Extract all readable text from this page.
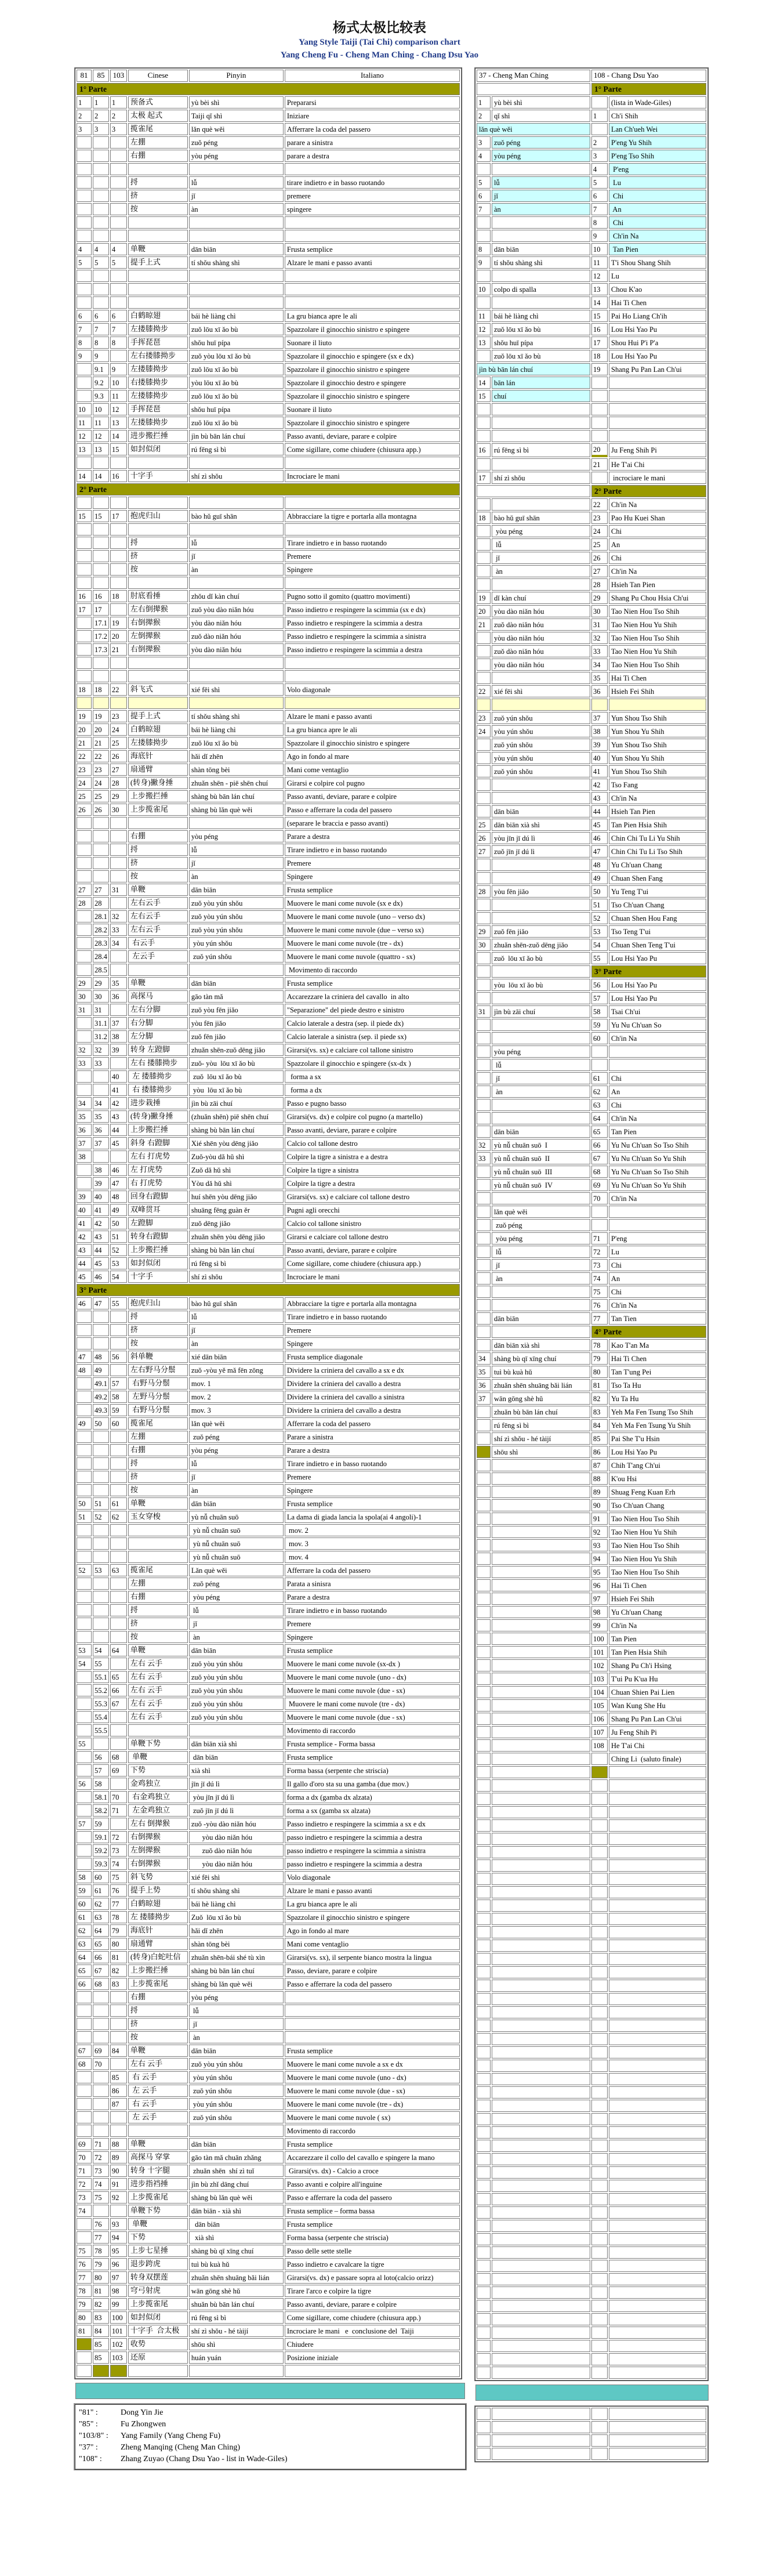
杨式太极比较表
Yang Style Taiji (Tai Chi) comparison chart
Yang Cheng Fu - Cheng Man Ching - Chang Dsu Yao
81	85	103	Cinese	Pinyin	Italiano
1° Parte					
1	1	1	预备式	yù bèi shì	Prepararsi
2	2	2	太极 起式	Taiji qǐ shì	Iniziare
3	3	3	揽雀尾	lǎn què wěi	Afferrare la coda del passero
			左掤	zuǒ péng	parare a sinistra
			右掤	yòu péng	parare a destra

			捋	lǚ	tirare indietro e in basso ruotando
			挤	jǐ	premere
			按	àn	spingere

4	4	4	单鞭	dān biān	Frusta semplice
5	5	5	提手上式	tí shǒu shàng shì	Alzare le mani e passo avanti

6	6	6	白鹤晾翅	bái hè liàng chì	La gru bianca apre le ali
7	7	7	左搂膝拗步	zuǒ lōu xī ǎo bù	Spazzolare il ginocchio sinistro e spingere
8	8	8	手挥琵琶	shǒu huī pípa	Suonare il liuto
9	9		左右搂膝拗步	zuǒ yòu lōu xī ǎo bù	Spazzolare il ginocchio e spingere (sx e dx)
	9.1	9	左搂膝拗步	zuǒ lōu xī ǎo bù	Spazzolare il ginocchio sinistro e spingere
	9.2	10	右搂膝拗步	yòu lōu xī ǎo bù	Spazzolare il ginocchio destro e spingere
	9.3	11	左搂膝拗步	zuǒ lōu xī ǎo bù	Spazzolare il ginocchio sinistro e spingere
10	10	12	手挥琵琶	shǒu huī pípa	Suonare il liuto
11	11	13	左搂膝拗步	zuǒ lōu xī ǎo bù	Spazzolare il ginocchio sinistro e spingere
12	12	14	进步搬拦捶	jìn bù bān lán chuí	Passo avanti, deviare, parare e colpire
13	13	15	如封似闭	rú fēng sì bì	Come sigillare, come chiudere (chiusura app.)

14	14	16	十字手	shí zì shǒu	Incrociare le mani
2° Parte					

15	15	17	抱虎归山	bào hǔ guī shān	Abbracciare la tigre e portarla alla montagna

			捋	lǚ	Tirare indietro e in basso ruotando
			挤	jǐ	Premere
			按	àn	Spingere

16	16	18	肘底看捶	zhǒu dǐ kàn chuí	Pugno sotto il gomito (quattro movimenti)
17	17		左右倒撵猴	zuǒ yòu dào niǎn hóu	Passo indietro e respingere la scimmia (sx e dx)
	17.1	19	右倒撵猴	yòu dào niǎn hóu	Passo indietro e respingere la scimmia a destra
	17.2	20	左倒撵猴	zuǒ dào niǎn hóu	Passo indietro e respingere la scimmia a sinistra
	17.3	21	右倒撵猴	yòu dào niǎn hóu	Passo indietro e respingere la scimmia a destra

18	18	22	斜飞式	xié fēi shì	Volo diagonale

19	19	23	提手上式	tí shǒu shàng shì	Alzare le mani e passo avanti
20	20	24	白鹤晾翅	bái hè liàng chì	La gru bianca apre le ali
21	21	25	左搂膝拗步	zuǒ lōu xī ǎo bù	Spazzolare il ginocchio sinistro e spingere
22	22	26	海底针	hǎi dǐ zhēn	Ago in fondo al mare
23	23	27	扇通臂	shàn tōng bèi	Mani come ventaglio
24	24	28	(转身)撇身捶	zhuǎn shēn - piē shēn chuí	Girarsi e colpire col pugno
25	25	29	上步搬拦捶	shàng bù bān lán chuí	Passo avanti, deviare, parare e colpire
26	26	30	上步揽雀尾	shàng bù lǎn què wěi	Passo e afferrare la coda del passero
					(separare le braccia e passo avanti)
			右掤	yòu péng	Parare a destra
			捋	lǚ	Tirare indietro e in basso ruotando
			挤	jǐ	Premere
			按	àn	Spingere
27	27	31	单鞭	dān biān	Frusta semplice
28	28		左右云手	zuǒ yòu yún shǒu	Muovere le mani come nuvole (sx e dx)
	28.1	32	左右云手	zuǒ yòu yún shǒu	Muovere le mani come nuvole (uno – verso dx)
	28.2	33	左右云手	zuǒ yòu yún shǒu	Muovere le mani come nuvole (due – verso sx)
	28.3	34	右云手	yòu yún shǒu	Muovere le mani come nuvole (tre - dx)
	28.4		左云手	zuǒ yún shǒu	Muovere le mani come nuvole (quattro - sx)
	28.5				Movimento di raccordo
29	29	35	单鞭	dān biān	Frusta semplice
30	30	36	高探马	gāo tàn mǎ	Accarezzare la criniera del cavallo  in alto
31	31		左右分脚	zuǒ yòu fēn jiǎo	"Separazione" del piede destro e sinistro
	31.1	37	右分脚	yòu fēn jiǎo	Calcio laterale a destra (sep. il piede dx)
	31.2	38	左分脚	zuǒ fēn jiǎo	Calcio laterale a sinistra (sep. il piede sx)
32	32	39	转身 左蹬脚	zhuǎn shēn-zuǒ dēng jiǎo	Girarsi(vs. sx) e calciare col tallone sinistro
33	33		左右 搂膝拗步	zuǒ- yòu  lōu xī ǎo bù	Spazzolare il ginocchio e spingere (sx-dx )
		40	左 搂膝拗步	zuǒ  lōu xī ǎo bù	forma a sx
		41	右 搂膝拗步	yòu  lōu xī ǎo bù	forma a dx
34	34	42	进步栽捶	jìn bù zāi chuí	Passo e pugno basso
35	35	43	(转身)撇身捶	(zhuǎn shēn) piē shēn chuí	Girarsi(vs. dx) e colpire col pugno (a martello)
36	36	44	上步搬拦捶	shàng bù bān lán chuí	Passo avanti, deviare, parare e colpire
37	37	45	斜身 右蹬脚	Xié shēn yòu dēng jiǎo	Calcio col tallone destro
38			左右 打虎势	Zuǒ-yòu dǎ hǔ shì	Colpire la tigre a sinistra e a destra
	38	46	左 打虎势	Zuǒ dǎ hǔ shì	Colpire la tigre a sinistra
	39	47	右 打虎势	Yòu dǎ hǔ shì	Colpire la tigre a destra
39	40	48	回身右蹬脚	huí shēn yòu dēng jiǎo	Girarsi(vs. sx) e calciare col tallone destro
40	41	49	双峰贯耳	shuāng fēng guàn ěr	Pugni agli orecchi
41	42	50	左蹬脚	zuǒ dēng jiǎo	Calcio col tallone sinistro
42	43	51	转身右蹬脚	zhuǎn shēn yòu dēng jiǎo	Girarsi e calciare col tallone destro
43	44	52	上步搬拦捶	shàng bù bān lán chuí	Passo avanti, deviare, parare e colpire
44	45	53	如封似闭	rú fēng sì bì	Come sigillare, come chiudere (chiusura app.)
45	46	54	十字手	shí zì shǒu	Incrociare le mani
3° Parte					
46	47	55	抱虎归山	bào hǔ guī shān	Abbracciare la tigre e portarla alla montagna
			捋	lǚ	Tirare indietro e in basso ruotando
			挤	jǐ	Premere
			按	àn	Spingere
47	48	56	斜单鞭	xié dān biān	Frusta semplice diagonale
48	49		左右野马分鬃	zuǒ -yòu yě mǎ fēn zōng	Dividere la criniera del cavallo a sx e dx
	49.1	57	右野马分鬃	mov. 1	Dividere la criniera del cavallo a destra
	49.2	58	左野马分鬃	mov. 2	Dividere la criniera del cavallo a sinistra
	49.3	59	右野马分鬃	mov. 3	Dividere la criniera del cavallo a destra
49	50	60	揽雀尾	lǎn què wěi	Afferrare la coda del passero
			左掤	zuǒ péng	Parare a sinistra
			右掤	yòu péng	Parare a destra
			捋	lǚ	Tirare indietro e in basso ruotando
			挤	jǐ	Premere
			按	àn	Spingere
50	51	61	单鞭	dān biān	Frusta semplice
51	52	62	玉女穿梭	yù nǚ chuān suō	La dama di giada lancia la spola(ai 4 angoli)-1
				yù nǚ chuān suō	mov. 2
				yù nǚ chuān suō	mov. 3
				yù nǚ chuān suō	mov. 4
52	53	63	揽雀尾	Lǎn què wěi	Afferrare la coda del passero
			左掤	zuǒ péng	Parata a sinisra
			右掤	yòu péng	Parare a destra
			捋	lǚ	Tirare indietro e in basso ruotando
			挤	jǐ	Premere
			按	àn	Spingere
53	54	64	单鞭	dān biān	Frusta semplice
54	55		左右 云手	zuǒ yòu yún shǒu	Muovere le mani come nuvole (sx-dx )
	55.1	65	左右 云手	zuǒ yòu yún shǒu	Muovere le mani come nuvole (uno - dx)
	55.2	66	左右 云手	zuǒ yòu yún shǒu	Muovere le mani come nuvole (due - sx)
	55.3	67	左右 云手	zuǒ yòu yún shǒu	Muovere le mani come nuvole (tre - dx)
	55.4		左右 云手	zuǒ yòu yún shǒu	Muovere le mani come nuvole (due - sx)
	55.5				Movimento di raccordo
55			单鞭下势	dān biān xià shì	Frusta semplice - Forma bassa
	56	68	单鞭	dān biān	Frusta semplice
	57	69	下势	xià shì	Forma bassa (serpente che striscia)
56	58		金鸡独立	jīn jī dú lì	Il gallo d'oro sta su una gamba (due mov.)
	58.1	70	右金鸡独立	yòu jīn jī dú lì	forma a dx (gamba dx alzata)
	58.2	71	左金鸡独立	zuǒ jīn jī dú lì	forma a sx (gamba sx alzata)
57	59		左右 倒撵猴	zuǒ -yòu dào niǎn hóu	Passo indietro e respingere la scimmia a sx e dx
	59.1	72	右倒撵猴	yòu dào niǎn hóu	passo indietro e respingere la scimmia a destra
	59.2	73	左倒撵猴	zuǒ dào niǎn hóu	passo indietro e respingere la scimmia a sinistra
	59.3	74	右倒撵猴	yòu dào niǎn hóu	passo indietro e respingere la scimmia a destra
58	60	75	斜飞势	xié fēi shì	Volo diagonale
59	61	76	提手上势	tí shǒu shàng shì	Alzare le mani e passo avanti
60	62	77	白鹤晾翅	bái hè liàng chì	La gru bianca apre le ali
61	63	78	左 搂膝拗步	Zuǒ  lōu xī ǎo bù	Spazzolare il ginocchio sinistro e spingere
62	64	79	海底针	hǎi dǐ zhēn	Ago in fondo al mare
63	65	80	扇通臂	shàn tōng bèi	Mani come ventaglio
64	66	81	(转身)白蛇吐信	zhuǎn shēn-bái shé tù xìn	Girarsi(vs. sx), il serpente bianco mostra la lingua
65	67	82	上步搬拦捶	shàng bù bān lán chuí	Passo, deviare, parare e colpire
66	68	83	上步揽雀尾	shàng bù lǎn què wěi	Passo e afferrare la coda del passero
			右掤	yòu péng	
			捋	lǚ	
			挤	jǐ	
			按	àn	
67	69	84	单鞭	dān biān	Frusta semplice
68	70		左右 云手	zuǒ yòu yún shǒu	Muovere le mani come nuvole a sx e dx
		85	右 云手	yòu yún shǒu	Muovere le mani come nuvole (uno - dx)
		86	左 云手	zuǒ yún shǒu	Muovere le mani come nuvole (due - sx)
		87	右 云手	yòu yún shǒu	Muovere le mani come nuvole (tre - dx)
			左 云手	zuǒ yún shǒu	Muovere le mani come nuvole ( sx)
					Movimento di raccordo
69	71	88	单鞭	dān biān	Frusta semplice
70	72	89	高探马 穿掌	gāo tàn mǎ chuān zhǎng	Accarezzare il collo del cavallo e spingere la mano
71	73	90	转身 十字腿	zhuǎn shēn  shí zì tuǐ	Girarsi(vs. dx) - Calcio a croce
72	74	91	进步指裆捶	jìn bù zhǐ dāng chuí	Passo avanti e colpire all'inguine
73	75	92	上步揽雀尾	shàng bù lǎn què wěi	Passo e afferrare la coda del passero
74			单鞭下势	dān biān - xià shì	Frusta semplice – forma bassa
	76	93	单鞭	dān biān	Frusta semplice
	77	94	下势	xià shì	Forma bassa (serpente che striscia)
75	78	95	上步七星捶	shàng bù qī xīng chuí	Passo delle sette stelle
76	79	96	退步跨虎	tuì bù kuà hǔ	Passo indietro e cavalcare la tigre
77	80	97	转身双摆莲	zhuǎn shēn shuāng bǎi lián	Girarsi(vs. dx) e passare sopra al loto(calcio orizz)
78	81	98	穹弓射虎	wān gōng shè hǔ	Tirare l'arco e colpire la tigre
79	82	99	上步揽雀尾	shuǎn bù bān lán chuí	Passo avanti, deviare, parare e colpire
80	83	100	如封似闭	rú fēng sì bì	Come sigillare, come chiudere (chiusura app.)
81	84	101	十字手  合太极	shí zì shǒu - hé tàijí	Incrociare le mani   e  conclusione del  Taiji
	85	102	收势	shōu shì	Chiudere
	85	103	还原	huán yuán	Posizione iniziale

"81" :	Dong Yin Jie
"85" :	Fu Zhongwen
"103/8" : Yang Family (Yang Cheng Fu)
"37" :	Zheng Manqing (Cheng Man Ching)
"108" : Zhang Zuyao (Chang Dsu Yao - list in Wade-Giles)
37 - Cheng Man Ching		108 - Chang Dsu Yao	
		1° Parte	
1	yù bèi shì		(lista in Wade-Giles)
2	qǐ shì	1	Ch'i Shih
lǎn què wěi			Lan Ch'ueh Wei
3	zuǒ péng	2	P'eng Yu Shih
4	yòu péng	3	P'eng Tso Shih
		4	P'eng
5	lǚ	5	Lu
6	jǐ	6	Chi
7	àn	7	An
		8	Chi
		9	Ch'in Na
8	dān biān	10	Tan Pien
9	tí shǒu shàng shì	11	T'i Shou Shang Shih
		12	Lu
10	colpo di spalla	13	Chou K'ao
		14	Hai Ti Chen
11	bái hè liàng chì	15	Pai Ho Liang Ch'ih
12	zuǒ lōu xī ǎo bù	16	Lou Hsi Yao Pu
13	shǒu huī pípa	17	Shou Hui P'i P'a
	zuǒ lōu xī ǎo bù	18	Lou Hsi Yao Pu
jìn bù bān lán chuí		19	Shang Pu Pan Lan Ch'ui
14	bān lán		
15	chuí		

16	rú fēng sì bì	20	Ju Feng Shih Pi
		21	He T'ai Chi
17	shí zì shǒu		incrociare le mani
		2° Parte	
		22	Ch'in Na
18	bào hǔ guī shān	23	Pao Hu Kuei Shan
	yòu péng	24	Chi
	lǚ	25	An
	jǐ	26	Chi
	àn	27	Ch'in Na
		28	Hsieh Tan Pien
19	dǐ kàn chuí	29	Shang Pu Chou Hsia Ch'ui
20	yòu dào niǎn hóu	30	Tao Nien Hou Tso Shih
21	zuǒ dào niǎn hóu	31	Tao Nien Hou Yu Shih
	yòu dào niǎn hóu	32	Tao Nien Hou Tso Shih
	zuǒ dào niǎn hóu	33	Tao Nien Hou Yu Shih
	yòu dào niǎn hóu	34	Tao Nien Hou Tso Shih
		35	Hai Ti Chen
22	xié fēi shì	36	Hsieh Fei Shih

23	zuǒ yún shǒu	37	Yun Shou Tso Shih
24	yòu yún shǒu	38	Yun Shou Yu Shih
	zuǒ yún shǒu	39	Yun Shou Tso Shih
	yòu yún shǒu	40	Yun Shou Yu Shih
	zuǒ yún shǒu	41	Yun Shou Tso Shih
		42	Tso Fang
		43	Ch'in Na
	dān biān	44	Hsieh Tan Pien
25	dān biān xià shì	45	Tan Pien Hsia Shih
26	yòu jīn jī dú lì	46	Chin Chi Tu Li Yu Shih
27	zuǒ jīn jī dú lì	47	Chin Chi Tu Li Tso Shih
		48	Yu Ch'uan Chang
		49	Chuan Shen Fang
28	yòu fēn jiǎo	50	Yu Teng T'ui
		51	Tso Ch'uan Chang
		52	Chuan Shen Hou Fang
29	zuǒ fēn jiǎo	53	Tso Teng T'ui
30	zhuǎn shēn-zuǒ dēng jiǎo	54	Chuan Shen Teng T'ui
	zuǒ  lōu xī ǎo bù	55	Lou Hsi Yao Pu
		3° Parte	
	yòu  lōu xī ǎo bù	56	Lou Hsi Yao Pu
		57	Lou Hsi Yao Pu
31	jìn bù zāi chuí	58	Tsai Ch'ui
		59	Yu Nu Ch'uan So
		60	Ch'in Na
	yòu péng		
	lǚ		
	jǐ	61	Chi
	àn	62	An
		63	Chi
		64	Ch'in Na
	dān biān	65	Tan Pien
32	yù nǚ chuān suō  I	66	Yu Nu Ch'uan So Tso Shih
33	yù nǚ chuān suō  II	67	Yu Nu Ch'uan So Yu Shih
	yù nǚ chuān suō  III	68	Yu Nu Ch'uan So Tso Shih
	yù nǚ chuān suō  IV	69	Yu Nu Ch'uan So Yu Shih
		70	Ch'in Na
	lǎn què wěi		
	zuǒ péng		
	yòu péng	71	P'eng
	lǚ	72	Lu
	jǐ	73	Chi
	àn	74	An
		75	Chi
		76	Ch'in Na
	dān biān	77	Tan Tien
		4° Parte	
	dān biān xià shì	78	Kao T'an Ma
34	shàng bù qī xīng chuí	79	Hai Ti Chen
35	tuì bù kuà hǔ	80	Tan T'ung Pei
36	zhuǎn shēn shuāng bǎi lián	81	Tso Ta Hu
37	wān gōng shè hǔ	82	Yu Ta Hu
	zhuǎn bù bān lán chuí	83	Yeh Ma Fen Tsung Tso Shih
	rú fēng sì bì	84	Yeh Ma Fen Tsung Yu Shih
	shí zì shǒu - hé tàijí	85	Pai She T'u Hsin
	shōu shì	86	Lou Hsi Yao Pu
		87	Chih T'ang Ch'ui
		88	K'ou Hsi
		89	Shuag Feng Kuan Erh
		90	Tso Ch'uan Chang
		91	Tao Nien Hou Tso Shih
		92	Tao Nien Hou Yu Shih
		93	Tao Nien Hou Tso Shih
		94	Tao Nien Hou Yu Shih
		95	Tao Nien Hou Tso Shih
		96	Hai Ti Chen
		97	Hsieh Fei Shih
		98	Yu Ch'uan Chang
		99	Ch'in Na
		100	Tan Pien
		101	Tan Pien Hsia Shih
		102	Shang Pu Ch'i Hsing
		103	T'ui Pu K'ua Hu
		104	Chuan Shien Pai Lien
		105	Wan Kung She Hu
		106	Shang Pu Pan Lan Ch'ui
		107	Ju Feng Shih Pi
		108	He T'ai Chi
			Ching Li  (saluto finale)
